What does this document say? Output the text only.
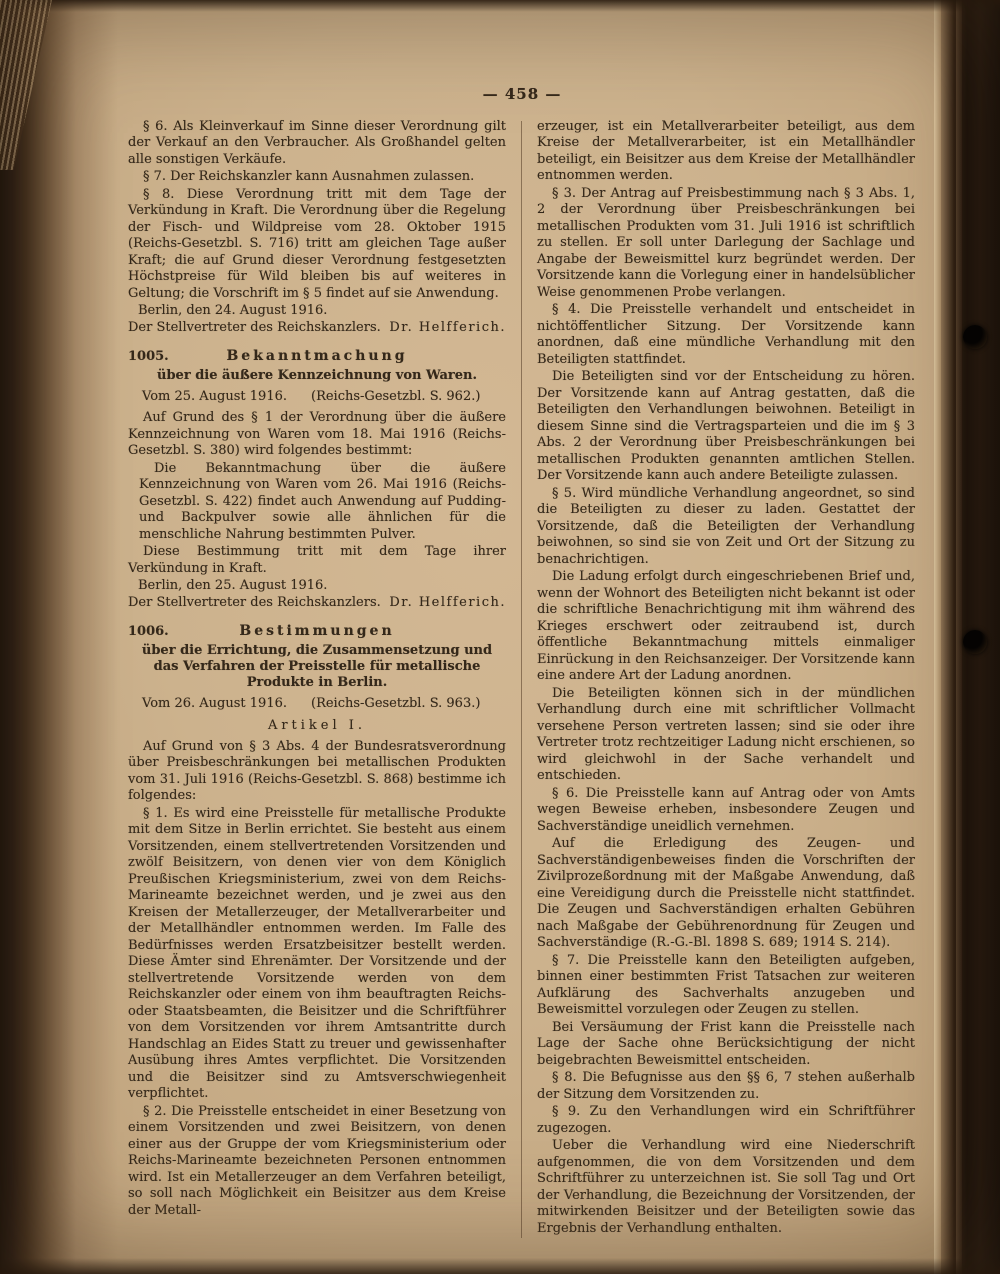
— 458 —

§ 6. Als Kleinverkauf im Sinne dieser Verordnung gilt der Verkauf an den Verbraucher. Als Großhandel gelten alle sonstigen Verkäufe.

§ 7. Der Reichskanzler kann Ausnahmen zulassen.

§ 8. Diese Verordnung tritt mit dem Tage der Verkündung in Kraft. Die Verordnung über die Regelung der Fisch- und Wildpreise vom 28. Oktober 1915 (Reichs-Gesetzbl. S. 716) tritt am gleichen Tage außer Kraft; die auf Grund dieser Verordnung festgesetzten Höchstpreise für Wild bleiben bis auf weiteres in Geltung; die Vorschrift im § 5 findet auf sie Anwendung.

Berlin, den 24. August 1916.

Der Stellvertreter des Reichskanzlers. Dr. Helfferich.
1005.	Bekanntmachung
über die äußere Kennzeichnung von Waren.
Vom 25. August 1916. (Reichs-Gesetzbl. S. 962.)

Auf Grund des § 1 der Verordnung über die äußere Kennzeichnung von Waren vom 18. Mai 1916 (Reichs-Gesetzbl. S. 380) wird folgendes bestimmt:

Die Bekanntmachung über die äußere Kennzeichnung von Waren vom 26. Mai 1916 (Reichs-Gesetzbl. S. 422) findet auch Anwendung auf Pudding- und Backpulver sowie alle ähnlichen für die menschliche Nahrung bestimmten Pulver.

Diese Bestimmung tritt mit dem Tage ihrer Verkündung in Kraft.

Berlin, den 25. August 1916.

Der Stellvertreter des Reichskanzlers. Dr. Helfferich.
1006.	Bestimmungen
über die Errichtung, die Zusammensetzung und das Verfahren der Preisstelle für metallische Produkte in Berlin.
Vom 26. August 1916. (Reichs-Gesetzbl. S. 963.)
Artikel I.

Auf Grund von § 3 Abs. 4 der Bundesratsverordnung über Preisbeschränkungen bei metallischen Produkten vom 31. Juli 1916 (Reichs-Gesetzbl. S. 868) bestimme ich folgendes:

§ 1. Es wird eine Preisstelle für metallische Produkte mit dem Sitze in Berlin errichtet. Sie besteht aus einem Vorsitzenden, einem stellvertretenden Vorsitzenden und zwölf Beisitzern, von denen vier von dem Königlich Preußischen Kriegsministerium, zwei von dem Reichs-Marineamte bezeichnet werden, und je zwei aus den Kreisen der Metallerzeuger, der Metallverarbeiter und der Metallhändler entnommen werden. Im Falle des Bedürfnisses werden Ersatzbeisitzer bestellt werden. Diese Ämter sind Ehrenämter. Der Vorsitzende und der stellvertretende Vorsitzende werden von dem Reichskanzler oder einem von ihm beauftragten Reichs- oder Staatsbeamten, die Beisitzer und die Schriftführer von dem Vorsitzenden vor ihrem Amtsantritte durch Handschlag an Eides Statt zu treuer und gewissenhafter Ausübung ihres Amtes verpflichtet. Die Vorsitzenden und die Beisitzer sind zu Amtsverschwiegenheit verpflichtet.

§ 2. Die Preisstelle entscheidet in einer Besetzung von einem Vorsitzenden und zwei Beisitzern, von denen einer aus der Gruppe der vom Kriegsministerium oder Reichs-Marineamte bezeichneten Personen entnommen wird. Ist ein Metallerzeuger an dem Verfahren beteiligt, so soll nach Möglichkeit ein Beisitzer aus dem Kreise der Metall-

erzeuger, ist ein Metallverarbeiter beteiligt, aus dem Kreise der Metallverarbeiter, ist ein Metallhändler beteiligt, ein Beisitzer aus dem Kreise der Metallhändler entnommen werden.

§ 3. Der Antrag auf Preisbestimmung nach § 3 Abs. 1, 2 der Verordnung über Preisbeschränkungen bei metallischen Produkten vom 31. Juli 1916 ist schriftlich zu stellen. Er soll unter Darlegung der Sachlage und Angabe der Beweismittel kurz begründet werden. Der Vorsitzende kann die Vorlegung einer in handelsüblicher Weise genommenen Probe verlangen.

§ 4. Die Preisstelle verhandelt und entscheidet in nichtöffentlicher Sitzung. Der Vorsitzende kann anordnen, daß eine mündliche Verhandlung mit den Beteiligten stattfindet.

Die Beteiligten sind vor der Entscheidung zu hören. Der Vorsitzende kann auf Antrag gestatten, daß die Beteiligten den Verhandlungen beiwohnen. Beteiligt in diesem Sinne sind die Vertragsparteien und die im § 3 Abs. 2 der Verordnung über Preisbeschränkungen bei metallischen Produkten genannten amtlichen Stellen. Der Vorsitzende kann auch andere Beteiligte zulassen.

§ 5. Wird mündliche Verhandlung angeordnet, so sind die Beteiligten zu dieser zu laden. Gestattet der Vorsitzende, daß die Beteiligten der Verhandlung beiwohnen, so sind sie von Zeit und Ort der Sitzung zu benachrichtigen.

Die Ladung erfolgt durch eingeschriebenen Brief und, wenn der Wohnort des Beteiligten nicht bekannt ist oder die schriftliche Benachrichtigung mit ihm während des Krieges erschwert oder zeitraubend ist, durch öffentliche Bekanntmachung mittels einmaliger Einrückung in den Reichsanzeiger. Der Vorsitzende kann eine andere Art der Ladung anordnen.

Die Beteiligten können sich in der mündlichen Verhandlung durch eine mit schriftlicher Vollmacht versehene Person vertreten lassen; sind sie oder ihre Vertreter trotz rechtzeitiger Ladung nicht erschienen, so wird gleichwohl in der Sache verhandelt und entschieden.

§ 6. Die Preisstelle kann auf Antrag oder von Amts wegen Beweise erheben, insbesondere Zeugen und Sachverständige uneidlich vernehmen.

Auf die Erledigung des Zeugen- und Sachverständigenbeweises finden die Vorschriften der Zivilprozeßordnung mit der Maßgabe Anwendung, daß eine Vereidigung durch die Preisstelle nicht stattfindet. Die Zeugen und Sachverständigen erhalten Gebühren nach Maßgabe der Gebührenordnung für Zeugen und Sachverständige (R.-G.-Bl. 1898 S. 689; 1914 S. 214).

§ 7. Die Preisstelle kann den Beteiligten aufgeben, binnen einer bestimmten Frist Tatsachen zur weiteren Aufklärung des Sachverhalts anzugeben und Beweismittel vorzulegen oder Zeugen zu stellen.

Bei Versäumung der Frist kann die Preisstelle nach Lage der Sache ohne Berücksichtigung der nicht beigebrachten Beweismittel entscheiden.

§ 8. Die Befugnisse aus den §§ 6, 7 stehen außerhalb der Sitzung dem Vorsitzenden zu.

§ 9. Zu den Verhandlungen wird ein Schriftführer zugezogen.

Ueber die Verhandlung wird eine Niederschrift aufgenommen, die von dem Vorsitzenden und dem Schriftführer zu unterzeichnen ist. Sie soll Tag und Ort der Verhandlung, die Bezeichnung der Vorsitzenden, der mitwirkenden Beisitzer und der Beteiligten sowie das Ergebnis der Verhandlung enthalten.
